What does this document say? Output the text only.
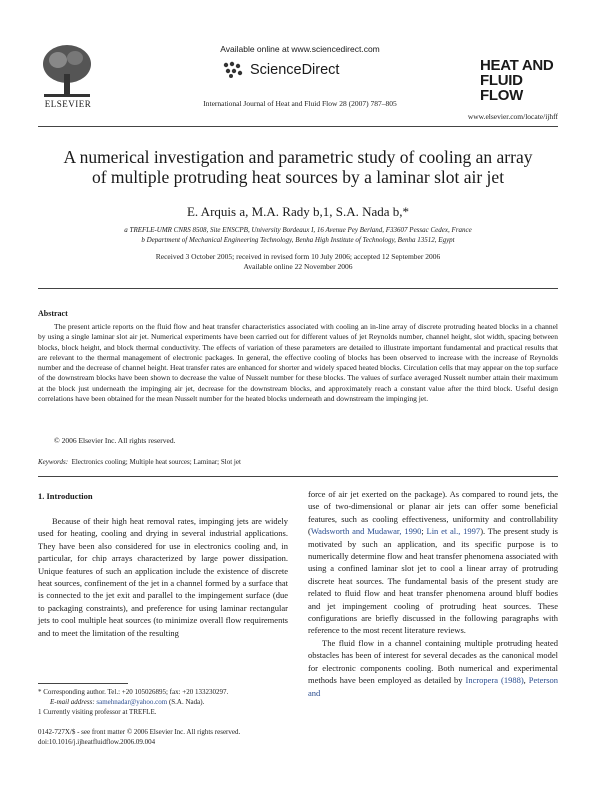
ELSEVIER
Available online at www.sciencedirect.com
ScienceDirect
International Journal of Heat and Fluid Flow 28 (2007) 787–805
HEAT AND FLUID FLOW
www.elsevier.com/locate/ijhff
A numerical investigation and parametric study of cooling an array
of multiple protruding heat sources by a laminar slot air jet
E. Arquis a, M.A. Rady b,1, S.A. Nada b,*
a TREFLE-UMR CNRS 8508, Site ENSCPB, University Bordeaux I, 16 Avenue Pey Berland, F33607 Pessac Cedex, France
b Department of Mechanical Engineering Technology, Benha High Institute of Technology, Benha 13512, Egypt
Received 3 October 2005; received in revised form 10 July 2006; accepted 12 September 2006
Available online 22 November 2006
Abstract
The present article reports on the fluid flow and heat transfer characteristics associated with cooling an in-line array of discrete protruding heated blocks in a channel by using a single laminar slot air jet. Numerical experiments have been carried out for different values of jet Reynolds number, channel height, slot width, spacing between blocks, block height, and block thermal conductivity. The effects of variation of these parameters are detailed to illustrate important fundamental and practical results that are relevant to the thermal management of electronic packages. In general, the effective cooling of blocks has been observed to increase with the increase of Reynolds number and the decrease of channel height. Heat transfer rates are enhanced for shorter and widely spaced heated blocks. Circulation cells that may appear on the top surface of the downstream blocks have been shown to decrease the value of Nusselt number for these blocks. The values of surface averaged Nusselt number attain their maximum at the block just underneath the impinging air jet, decrease for the downstream blocks, and approximately reach a constant value after the third block. Useful design correlations have been obtained for the mean Nusselt number for the heated blocks underneath and downstream the impinging jet.
© 2006 Elsevier Inc. All rights reserved.
Keywords: Electronics cooling; Multiple heat sources; Laminar; Slot jet
1. Introduction

Because of their high heat removal rates, impinging jets are widely used for heating, cooling and drying in several industrial applications. They have been also considered for use in electronics cooling and, in particular, for chip arrays characterized by large power dissipation. Unique features of such an application include the existence of discrete heat sources, confinement of the jet in a channel formed by a surface that is connected to the jet exit and parallel to the impingement surface (due to packaging constraints), and preference for using laminar rectangular jets to cool multiple heat sources (to minimize overall flow requirements and to meet the limitation of the resulting

force of air jet exerted on the package). As compared to round jets, the use of two-dimensional or planar air jets can offer some beneficial features, such as cooling effectiveness, uniformity and controllability (Wadsworth and Mudawar, 1990; Lin et al., 1997). The present study is motivated by such an application, and its specific purpose is to numerically determine flow and heat transfer phenomena associated with using a confined laminar slot jet to cool a linear array of protruding discrete heat sources. The fundamental basis of the present study are related to fluid flow and heat transfer phenomena around bluff bodies and jet impingement cooling of protruding heat sources. These configurations are briefly discussed in the following paragraphs with reference to the most recent literature reviews.

The fluid flow in a channel containing multiple protruding heated obstacles has been of interest for several decades as the canonical model for electronic components cooling. Both numerical and experimental methods have been employed as detailed by Incropera (1988), Peterson and

* Corresponding author. Tel.: +20 105026895; fax: +20 133230297.
E-mail address: samehnadar@yahoo.com (S.A. Nada).
1 Currently visiting professor at TREFLE.
0142-727X/$ - see front matter © 2006 Elsevier Inc. All rights reserved.
doi:10.1016/j.ijheatfluidflow.2006.09.004
